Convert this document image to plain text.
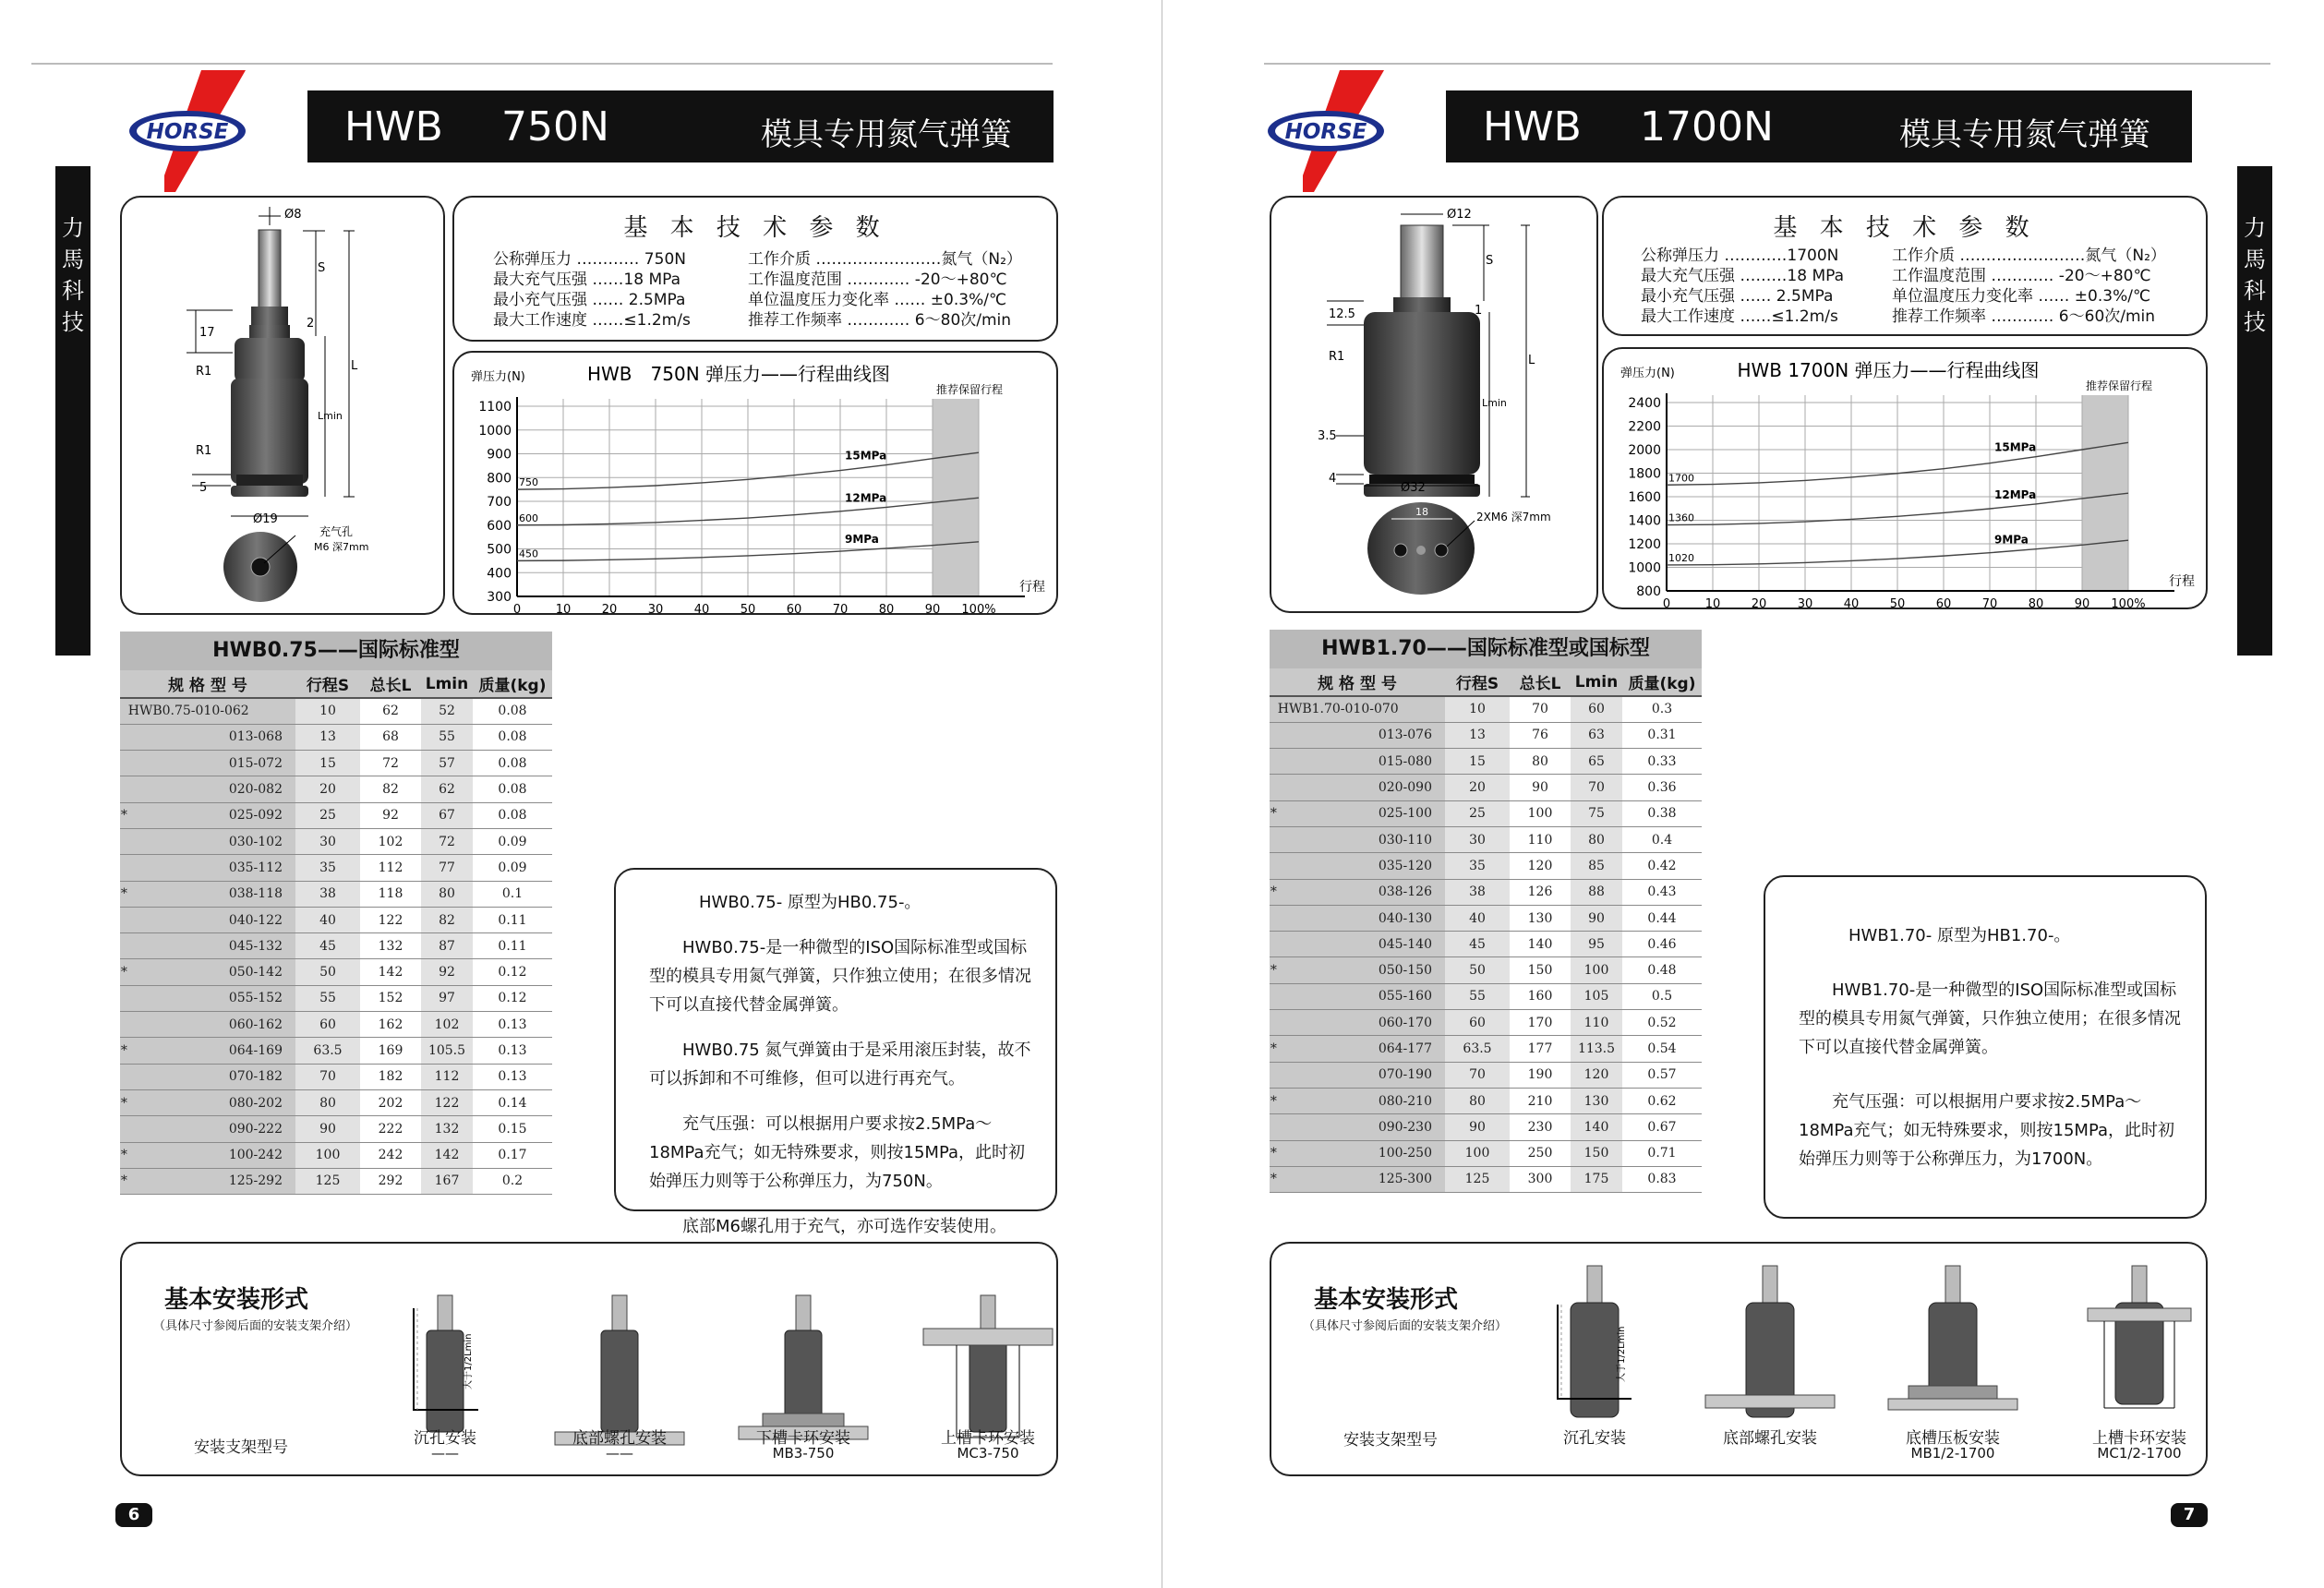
HORSE	HWB 750N	模具专用氮气弹簧
力
馬
科
技
Ø8
S
L
Lmin
2
17
R1
R1
5
Ø19
充气孔
M6 深7mm
基 本 技 术 参 数
公称弹压力 ………… 750N
最大充气压强 ……18 MPa
最小充气压强 …… 2.5MPa
最大工作速度 ……≤1.2m/s
工作介质 ……………………氮气（N₂）
工作温度范围 ………… -20～+80℃
单位温度压力变化率 …… ±0.3%/℃
推荐工作频率 ………… 6～80次/min
HWB　750N 弹压力——行程曲线图
弹压力(N)
行程
推荐保留行程
1100
1000
900
800
700
600
500
400
300
0	10	20	30	40	50	60	70	80	90 100%
750
15MPa
600
12MPa
450
9MPa
HWB0.75——国际标准型
规 格 型 号		行程S	总长L	Lmin	质量(kg)
	HWB0.75-010-062	10	62	52	0.08
	013-068	13	68	55	0.08
	015-072	15	72	57	0.08
	020-082	20	82	62	0.08
*	025-092	25	92	67	0.08
	030-102	30	102	72	0.09
	035-112	35	112	77	0.09
*	038-118	38	118	80	0.1
	040-122	40	122	82	0.11
	045-132	45	132	87	0.11
*	050-142	50	142	92	0.12
	055-152	55	152	97	0.12
	060-162	60	162	102	0.13
*	064-169	63.5	169	105.5	0.13
	070-182	70	182	112	0.13
*	080-202	80	202	122	0.14
	090-222	90	222	132	0.15
*	100-242	100	242	142	0.17
*	125-292	125	292	167	0.2

HWB0.75- 原型为HB0.75-。

HWB0.75-是一种微型的ISO国际标准型或国标型的模具专用氮气弹簧，只作独立使用；在很多情况下可以直接代替金属弹簧。

HWB0.75 氮气弹簧由于是采用滚压封装，故不可以拆卸和不可维修，但可以进行再充气。

充气压强：可以根据用户要求按2.5MPa～18MPa充气；如无特殊要求，则按15MPa，此时初始弹压力则等于公称弹压力，为750N。

底部M6螺孔用于充气，亦可选作安装使用。

基本安装形式
（具体尺寸参阅后面的安装支架介绍）
安装支架型号
大于1/2Lmin
沉孔安装
——
底部螺孔安装
——
下槽卡环安装
MB3-750
上槽卡环安装
MC3-750
6
HORSE	HWB 1700N	模具专用氮气弹簧
力
馬
科
技
Ø12
S
L
Lmin
1
12.5
R1
3.5
4
Ø32
18	2XM6 深7mm
基 本 技 术 参 数
公称弹压力 …………1700N
最大充气压强 ………18 MPa
最小充气压强 …… 2.5MPa
最大工作速度 ……≤1.2m/s
工作介质 ……………………氮气（N₂）
工作温度范围 ………… -20～+80℃
单位温度压力变化率 …… ±0.3%/℃
推荐工作频率 ………… 6～60次/min
HWB 1700N 弹压力——行程曲线图
弹压力(N)
行程
推荐保留行程
2400
2200
2000
1800
1600
1400
1200
1000
800
0	10	20	30	40	50	60	70	80	90 100%
1700
15MPa
1360
12MPa
1020
9MPa
HWB1.70——国际标准型或国标型
规 格 型 号		行程S	总长L	Lmin	质量(kg)
	HWB1.70-010-070	10	70	60	0.3
	013-076	13	76	63	0.31
	015-080	15	80	65	0.33
	020-090	20	90	70	0.36
*	025-100	25	100	75	0.38
	030-110	30	110	80	0.4
	035-120	35	120	85	0.42
*	038-126	38	126	88	0.43
	040-130	40	130	90	0.44
	045-140	45	140	95	0.46
*	050-150	50	150	100	0.48
	055-160	55	160	105	0.5
	060-170	60	170	110	0.52
*	064-177	63.5	177	113.5	0.54
	070-190	70	190	120	0.57
*	080-210	80	210	130	0.62
	090-230	90	230	140	0.67
*	100-250	100	250	150	0.71
*	125-300	125	300	175	0.83

HWB1.70- 原型为HB1.70-。

HWB1.70-是一种微型的ISO国际标准型或国标型的模具专用氮气弹簧，只作独立使用；在很多情况下可以直接代替金属弹簧。

充气压强：可以根据用户要求按2.5MPa～18MPa充气；如无特殊要求，则按15MPa，此时初始弹压力则等于公称弹压力，为1700N。

基本安装形式
（具体尺寸参阅后面的安装支架介绍）
安装支架型号
大于1/2Lmin
沉孔安装	底部螺孔安装	底槽压板安装
MB1/2-1700
上槽卡环安装
MC1/2-1700
7
